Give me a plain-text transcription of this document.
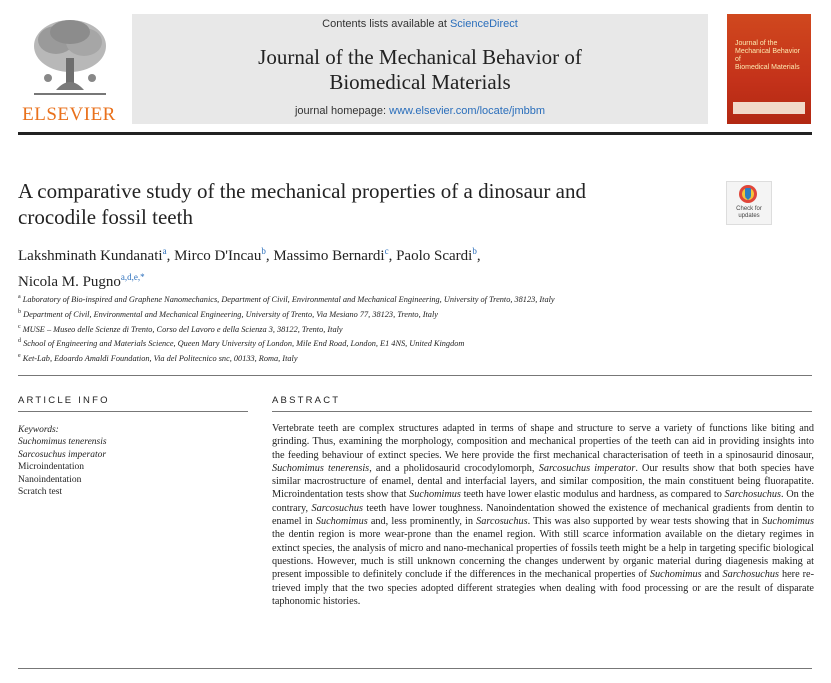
ELSEVIER
Contents lists available at ScienceDirect
Journal of the Mechanical Behavior of
Biomedical Materials
journal homepage: www.elsevier.com/locate/jmbbm
Journal of the
Mechanical Behavior of
Biomedical Materials
A comparative study of the mechanical properties of a dinosaur and
crocodile fossil teeth	Check for
updates
Lakshminath Kundanati$^a$, Mirco D'Incau$^b$, Massimo Bernardi$^c$, Paolo Scardi$^b$,
Nicola M. Pugno$^{a,d,e,*}$
$^a$ Laboratory of Bio-inspired and Graphene Nanomechanics, Department of Civil, Environmental and Mechanical Engineering, University of Trento, 38123, Italy
$^b$ Department of Civil, Environmental and Mechanical Engineering, University of Trento, Via Mesiano 77, 38123, Trento, Italy
$^c$ MUSE – Museo delle Scienze di Trento, Corso del Lavoro e della Scienza 3, 38122, Trento, Italy
$^d$ School of Engineering and Materials Science, Queen Mary University of London, Mile End Road, London, E1 4NS, United Kingdom
$^e$ Ket-Lab, Edoardo Amaldi Foundation, Via del Politecnico snc, 00133, Roma, Italy
ARTICLE INFO
Keywords:
Suchomimus tenerensis
Sarcosuchus imperator
Microindentation
Nanoindentation
Scratch test
ABSTRACT
Vertebrate teeth are complex structures adapted in terms of shape and structure to serve a variety of functions like biting and grinding. Thus, examining the morphology, composition and mechanical properties of the teeth can aid in providing insights into the feeding behaviour of extinct species. We here provide the first mechanical characterisation of teeth in a spinosaurid dinosaur, Suchomimus tenerensis, and a pholidosaurid crocodylomorph, Sarcosuchus imperator. Our results show that both species have similar macrostructure of enamel, dental and interfacial layers, and similar composition, the main constituent being fluorapatite. Microindentation tests show that Suchomimus teeth have lower elastic modulus and hardness, as compared to Sarchosuchus. On the contrary, Sarcosuchus teeth have lower toughness. Nanoindentation showed the existence of mechanical gradients from dentin to enamel in Suchomimus and, less prominently, in Sarcosuchus. This was also supported by wear tests showing that in Suchomimus the dentin region is more wear-prone than the enamel region. With still scarce information available on the dietary regimes in extinct species, the analysis of micro and nano-mechanical properties of fossils teeth might be a help in targeting specific biological questions. However, much is still unknown concerning the changes underwent by organic material during diagenesis making at present impossible to definitely conclude if the differences in the mechanical properties of Suchomimus and Sarchosuchus here re-trieved imply that the two species adopted different strategies when dealing with food processing or are the result of disparate taphonomic histories.
